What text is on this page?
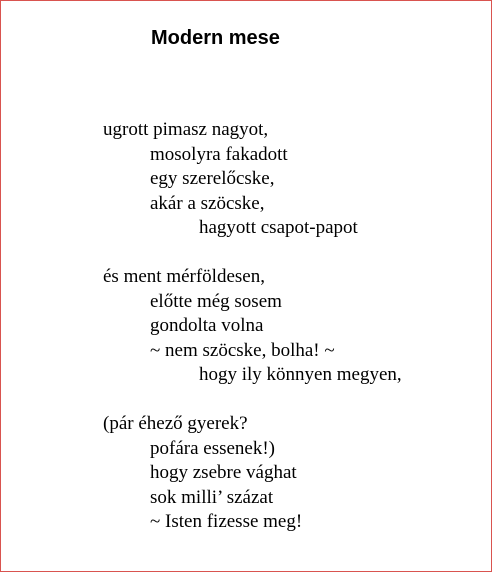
Modern mese
ugrott pimasz nagyot,
mosolyra fakadott
egy szerelőcske,
akár a szöcske,
hagyott csapot-papot
és ment mérföldesen,
előtte még sosem
gondolta volna
~ nem szöcske, bolha! ~
hogy ily könnyen megyen,
(pár éhező gyerek?
pofára essenek!)
hogy zsebre vághat
sok milli’ százat
~ Isten fizesse meg!
